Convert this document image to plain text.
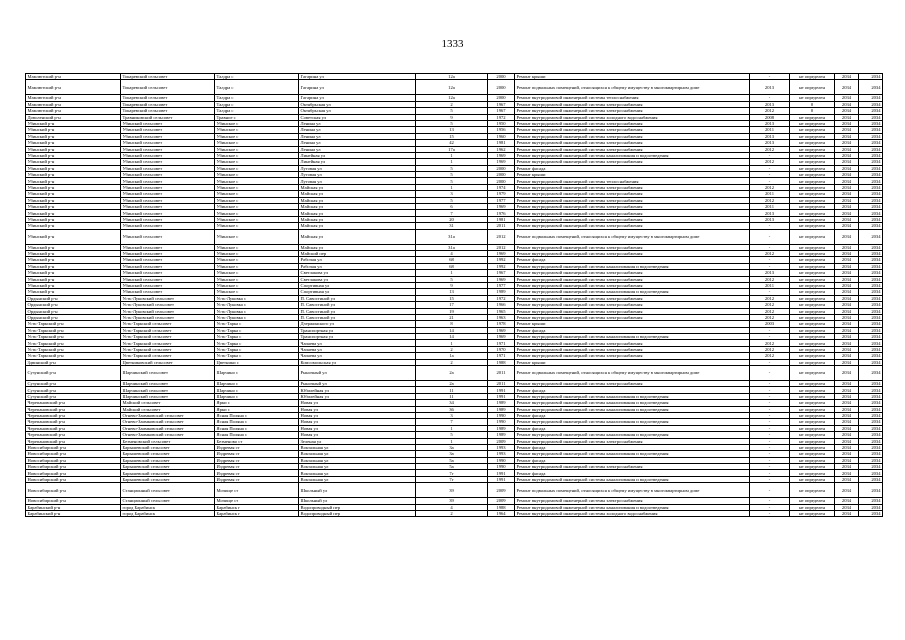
1333
Мамлютский р-н	Токаревский сельсовет	Талдра с	Гагарина ул	12а	2000	Ремонт крыши	-	не определен	2034	2034
Мамлютский р-н	Токаревский сельсовет	Талдра с	Гагарина ул	12а	2000	Ремонт подвальных помещений, относящихся к общему имуществу в многоквартирном доме	2013	не определен	2034	2034
Мамлютский р-н	Токаревский сельсовет	Талдра с	Гагарина ул	12а	2000	Ремонт внутридомовой инженерной системы теплоснабжения	-	не определен	2034	2034
Мамлютский р-н	Токаревский сельсовет	Талдра с	Октябрьская ул	2	1967	Ремонт внутридомовой инженерной системы электроснабжения	2013	0	2034	2034
Мамлютский р-н	Токаревский сельсовет	Талдра с	Октябрьская ул	5	1967	Ремонт внутридомовой инженерной системы электроснабжения	2012	0	2034	2034
Доволенский р-н	Травниковский сельсовет	Травное с	Советская ул	9	1972	Ремонт внутридомовой инженерной системы холодного водоснабжения	2008	не определен	2034	2034
Убинский р-н	Убинский сельсовет	Убинское с	Ленина ул	5	1950	Ремонт внутридомовой инженерной системы электроснабжения	2013	не определен	2034	2034
Убинский р-н	Убинский сельсовет	Убинское с	Ленина ул	13	1956	Ремонт внутридомовой инженерной системы электроснабжения	2011	не определен	2034	2034
Убинский р-н	Убинский сельсовет	Убинское с	Ленина ул	15	1960	Ремонт внутридомовой инженерной системы электроснабжения	2013	не определен	2034	2034
Убинский р-н	Убинский сельсовет	Убинское с	Ленина ул	42	1981	Ремонт внутридомовой инженерной системы электроснабжения	2013	не определен	2034	2034
Убинский р-н	Убинский сельсовет	Убинское с	Ленина ул	17а	1962	Ремонт внутридомовой инженерной системы электроснабжения	2012	не определен	2034	2034
Убинский р-н	Убинский сельсовет	Убинское с	Линейная ул	1	1969	Ремонт внутридомовой инженерной системы канализования и водоотведения	-	не определен	2034	2034
Убинский р-н	Убинский сельсовет	Убинское с	Линейная ул	1	1969	Ремонт внутридомовой инженерной системы электроснабжения	2012	не определен	2034	2034
Убинский р-н	Убинский сельсовет	Убинское с	Луговая ул	5	2000	Ремонт фасада	-	не определен	2034	2034
Убинский р-н	Убинский сельсовет	Убинское с	Луговая ул	5	2000	Ремонт крыши	-	не определен	2034	2034
Убинский р-н	Убинский сельсовет	Убинское с	Луговая ул	5	2000	Ремонт внутридомовой инженерной системы теплоснабжения	-	не определен	2034	2034
Убинский р-н	Убинский сельсовет	Убинское с	Майская ул	1	1974	Ремонт внутридомовой инженерной системы электроснабжения	2012	не определен	2034	2034
Убинский р-н	Убинский сельсовет	Убинское с	Майская ул	3	1979	Ремонт внутридомовой инженерной системы электроснабжения	2011	не определен	2034	2034
Убинский р-н	Убинский сельсовет	Убинское с	Майская ул	5	1977	Ремонт внутридомовой инженерной системы электроснабжения	2012	не определен	2034	2034
Убинский р-н	Убинский сельсовет	Убинское с	Майская ул	6	1969	Ремонт внутридомовой инженерной системы электроснабжения	2011	не определен	2034	2034
Убинский р-н	Убинский сельсовет	Убинское с	Майская ул	7	1976	Ремонт внутридомовой инженерной системы электроснабжения	2013	не определен	2034	2034
Убинский р-н	Убинский сельсовет	Убинское с	Майская ул	20	1981	Ремонт внутридомовой инженерной системы электроснабжения	2013	не определен	2034	2034
Убинский р-н	Убинский сельсовет	Убинское с	Майская ул	31	2011	Ремонт внутридомовой инженерной системы электроснабжения	-	не определен	2034	2034
Убинский р-н	Убинский сельсовет	Убинское с	Майская ул	31а	2012	Ремонт подвальных помещений, относящихся к общему имуществу в многоквартирном доме	-	не определен	2034	2034
Убинский р-н	Убинский сельсовет	Убинское с	Майская ул	31а	2012	Ремонт внутридомовой инженерной системы электроснабжения	-	не определен	2034	2034
Убинский р-н	Убинский сельсовет	Убинское с	Майский пер	4	1969	Ремонт внутридомовой инженерной системы электроснабжения	2012	не определен	2034	2034
Убинский р-н	Убинский сельсовет	Убинское с	Рабочая ул	68	1992	Ремонт фасада	-	не определен	2034	2034
Убинский р-н	Убинский сельсовет	Убинское с	Рабочая ул	68	1992	Ремонт внутридомовой инженерной системы канализования и водоотведения	-	не определен	2034	2034
Убинский р-н	Убинский сельсовет	Убинское с	Светлакова ул	1	1967	Ремонт внутридомовой инженерной системы электроснабжения	2013	не определен	2034	2034
Убинский р-н	Убинский сельсовет	Убинское с	Светлакова ул	5	1969	Ремонт внутридомовой инженерной системы электроснабжения	2012	не определен	2034	2034
Убинский р-н	Убинский сельсовет	Убинское с	Спортивная ул	9	1977	Ремонт внутридомовой инженерной системы электроснабжения	2011	не определен	2034	2034
Убинский р-н	Убинский сельсовет	Убинское с	Спортивная ул	13	1989	Ремонт внутридомовой инженерной системы канализования и водоотведения	-	не определен	2034	2034
Ордынский р-н	Усть-Луковский сельсовет	Усть-Луковка с	П. Савостиной ул	15	1972	Ремонт внутридомовой инженерной системы электроснабжения	2012	не определен	2034	2034
Ордынский р-н	Усть-Луковский сельсовет	Усть-Луковка с	П. Савостиной ул	17	1966	Ремонт внутридомовой инженерной системы электроснабжения	2012	не определен	2034	2034
Ордынский р-н	Усть-Луковский сельсовет	Усть-Луковка с	П. Савостиной ул	19	1965	Ремонт внутридомовой инженерной системы электроснабжения	2012	не определен	2034	2034
Ордынский р-н	Усть-Луковский сельсовет	Усть-Луковка с	П. Савостиной ул	21	1963	Ремонт внутридомовой инженерной системы электроснабжения	2012	не определен	2034	2034
Усть-Таркский р-н	Усть-Таркский сельсовет	Усть-Тарка с	Дзержинского ул	8	1978	Ремонт крыши	2003	не определен	2034	2034
Усть-Таркский р-н	Усть-Таркский сельсовет	Усть-Тарка с	Транспортная ул	14	1969	Ремонт фасада	-	не определен	2034	2034
Усть-Таркский р-н	Усть-Таркский сельсовет	Усть-Тарка с	Транспортная ул	14	1969	Ремонт внутридомовой инженерной системы канализования и водоотведения	-	не определен	2034	2034
Усть-Таркский р-н	Усть-Таркский сельсовет	Усть-Тарка с	Чапаева ул	1	1971	Ремонт внутридомовой инженерной системы электроснабжения	2012	не определен	2034	2034
Усть-Таркский р-н	Усть-Таркский сельсовет	Усть-Тарка с	Чапаева ул	2	1970	Ремонт внутридомовой инженерной системы электроснабжения	2012	не определен	2034	2034
Усть-Таркский р-н	Усть-Таркский сельсовет	Усть-Тарка с	Чапаева ул	1а	1971	Ремонт внутридомовой инженерной системы электроснабжения	2012	не определен	2034	2034
Здвинский р-н	Цветниковский сельсовет	Цветники с	Комсомольская ул	2	1988	Ремонт крыши	-	не определен	2034	2034
Сузунский р-н	Шарчинский сельсовет	Шарчино с	Рыночный ул	2а	2011	Ремонт подвальных помещений, относящихся к общему имуществу в многоквартирном доме	-	не определен	2034	2034
Сузунский р-н	Шарчинский сельсовет	Шарчино с	Рыночный ул	2а	2011	Ремонт внутридомовой инженерной системы электроснабжения	-	не определен	2034	2034
Сузунский р-н	Шарчинский сельсовет	Шарчино с	Юбилейная ул	11	1991	Ремонт фасада	-	не определен	2034	2034
Сузунский р-н	Шарчинский сельсовет	Шарчино с	Юбилейная ул	11	1991	Ремонт внутридомовой инженерной системы канализования и водоотведения	-	не определен	2034	2034
Черепановский р-н	Майский сельсовет	Ярки с	Новая ул	34	1989	Ремонт внутридомовой инженерной системы канализования и водоотведения	-	не определен	2034	2034
Черепановский р-н	Майский сельсовет	Ярки с	Новая ул	36	1989	Ремонт внутридомовой инженерной системы канализования и водоотведения	-	не определен	2034	2034
Черепановский р-н	Огнево-Заимковский сельсовет	Ясная Поляна с	Новая ул	3	1990	Ремонт фасада	-	не определен	2034	2034
Черепановский р-н	Огнево-Заимковский сельсовет	Ясная Поляна с	Новая ул	7	1990	Ремонт внутридомовой инженерной системы канализования и водоотведения	-	не определен	2034	2034
Черепановский р-н	Огнево-Заимковский сельсовет	Ясная Поляна с	Новая ул	1	1989	Ремонт фасада	-	не определен	2034	2034
Черепановский р-н	Огнево-Заимковский сельсовет	Ясная Поляна с	Новая ул	5	1989	Ремонт внутридомовой инженерной системы канализования и водоотведения	-	не определен	2034	2034
Черепановский р-н	Безменовский сельсовет	Безменово ст	Зеленая ул	1	2009	Ремонт внутридомовой инженерной системы электроснабжения	-	не определен	2034	2034
Новосибирский р-н	Барышевский сельсовет	Издревая ст	Вокзальная ул	3а	1993	Ремонт фасада	-	не определен	2034	2034
Новосибирский р-н	Барышевский сельсовет	Издревая ст	Вокзальная ул	3а	1993	Ремонт внутридомовой инженерной системы канализования и водоотведения	-	не определен	2034	2034
Новосибирский р-н	Барышевский сельсовет	Издревая ст	Вокзальная ул	5а	1990	Ремонт фасада	-	не определен	2034	2034
Новосибирский р-н	Барышевский сельсовет	Издревая ст	Вокзальная ул	5а	1990	Ремонт внутридомовой инженерной системы электроснабжения	-	не определен	2034	2034
Новосибирский р-н	Барышевский сельсовет	Издревая ст	Вокзальная ул	7г	1991	Ремонт фасада	-	не определен	2034	2034
Новосибирский р-н	Барышевский сельсовет	Издревая ст	Вокзальная ул	7г	1991	Ремонт внутридомовой инженерной системы канализования и водоотведения	-	не определен	2034	2034
Новосибирский р-н	Станционный сельсовет	Мочище ст	Школьный ул	39	2009	Ремонт подвальных помещений, относящихся к общему имуществу в многоквартирном доме	-	не определен	2034	2034
Новосибирский р-н	Станционный сельсовет	Мочище ст	Школьный ул	39	2009	Ремонт внутридомовой инженерной системы электроснабжения	-	не определен	2034	2034
Барабинский р-н	город Барабинск	Барабинск г	Водопроводный пер	4	1988	Ремонт внутридомовой инженерной системы канализования и водоотведения	-	не определен	2034	2034
Барабинский р-н	город Барабинск	Барабинск г	Водопроводный пер	2	1964	Ремонт внутридомовой инженерной системы холодного водоснабжения	-	не определен	2034	2034
